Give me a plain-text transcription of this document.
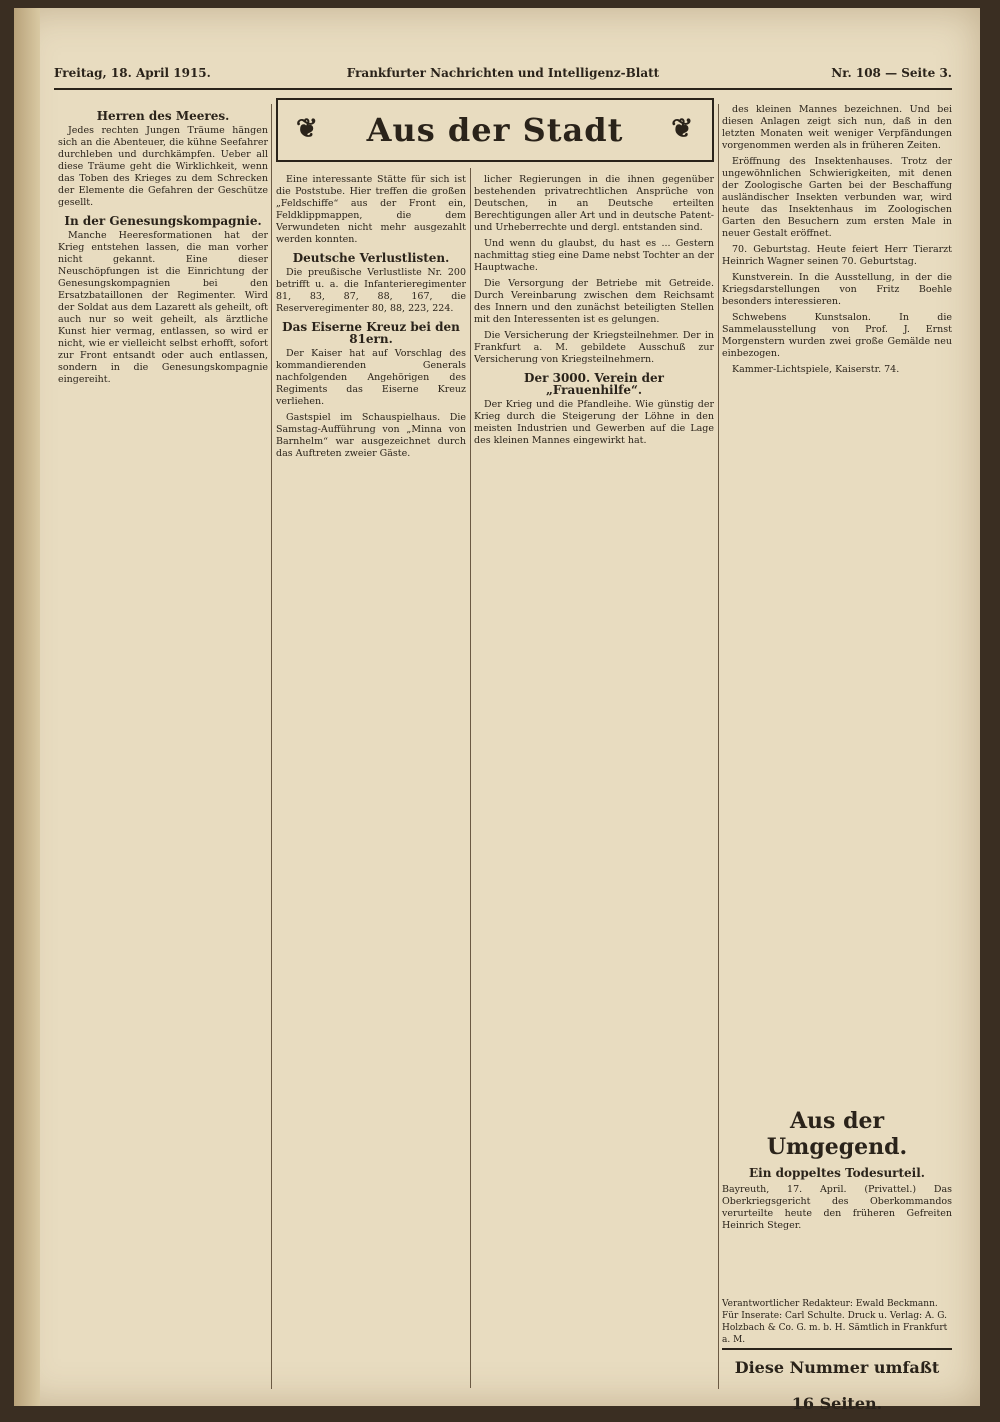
Freitag, 18. April 1915.	Frankfurter Nachrichten und Intelligenz-Blatt	Nr. 108 — Seite 3.
❦ Aus der Stadt ❦
Herren des Meeres.

Jedes rechten Jungen Träume hängen sich an die Abenteuer, die kühne Seefahrer durchleben und durchkämpfen. Ueber all diese Träume geht die Wirklichkeit, wenn das Toben des Krieges zu dem Schrecken der Elemente die Gefahren der Geschütze gesellt.

In der Genesungskompagnie.

Manche Heeresformationen hat der Krieg entstehen lassen, die man vorher nicht gekannt. Eine dieser Neuschöpfungen ist die Einrichtung der Genesungskompagnien bei den Ersatzbataillonen der Regimenter. Wird der Soldat aus dem Lazarett als geheilt, oft auch nur so weit geheilt, als ärztliche Kunst hier vermag, entlassen, so wird er nicht, wie er vielleicht selbst erhofft, sofort zur Front entsandt oder auch entlassen, sondern in die Genesungskompagnie eingereiht.

Eine interessante Stätte für sich ist die Poststube. Hier treffen die großen „Feldschiffe“ aus der Front ein, Feldklippmappen, die dem Verwundeten nicht mehr ausgezahlt werden konnten.

Deutsche Verlustlisten.

Die preußische Verlustliste Nr. 200 betrifft u. a. die Infanterieregimenter 81, 83, 87, 88, 167, die Reserveregimenter 80, 88, 223, 224.

Das Eiserne Kreuz bei den 81ern.

Der Kaiser hat auf Vorschlag des kommandierenden Generals nachfolgenden Angehörigen des Regiments das Eiserne Kreuz verliehen.

Gastspiel im Schauspielhaus. Die Samstag-Aufführung von „Minna von Barnhelm“ war ausgezeichnet durch das Auftreten zweier Gäste.

licher Regierungen in die ihnen gegenüber bestehenden privatrechtlichen Ansprüche von Deutschen, in an Deutsche erteilten Berechtigungen aller Art und in deutsche Patent- und Urheberrechte und dergl. entstanden sind.

Und wenn du glaubst, du hast es ... Gestern nachmittag stieg eine Dame nebst Tochter an der Hauptwache.

Die Versorgung der Betriebe mit Getreide. Durch Vereinbarung zwischen dem Reichsamt des Innern und den zunächst beteiligten Stellen mit den Interessenten ist es gelungen.

Die Versicherung der Kriegsteilnehmer. Der in Frankfurt a. M. gebildete Ausschuß zur Versicherung von Kriegsteilnehmern.

Der 3000. Verein der „Frauenhilfe“.

Der Krieg und die Pfandleihe. Wie günstig der Krieg durch die Steigerung der Löhne in den meisten Industrien und Gewerben auf die Lage des kleinen Mannes eingewirkt hat.

des kleinen Mannes bezeichnen. Und bei diesen Anlagen zeigt sich nun, daß in den letzten Monaten weit weniger Verpfändungen vorgenommen werden als in früheren Zeiten.

Eröffnung des Insektenhauses. Trotz der ungewöhnlichen Schwierigkeiten, mit denen der Zoologische Garten bei der Beschaffung ausländischer Insekten verbunden war, wird heute das Insektenhaus im Zoologischen Garten den Besuchern zum ersten Male in neuer Gestalt eröffnet.

70. Geburtstag. Heute feiert Herr Tierarzt Heinrich Wagner seinen 70. Geburtstag.

Kunstverein. In die Ausstellung, in der die Kriegsdarstellungen von Fritz Boehle besonders interessieren.

Schwebens Kunstsalon. In die Sammelausstellung von Prof. J. Ernst Morgenstern wurden zwei große Gemälde neu einbezogen.

Kammer-Lichtspiele, Kaiserstr. 74.

Aus der Umgegend.
Ein doppeltes Todesurteil.
Bayreuth, 17. April. (Privattel.) Das Oberkriegsgericht des Oberkommandos verurteilte heute den früheren Gefreiten Heinrich Steger.
Verantwortlicher Redakteur: Ewald Beckmann. Für Inserate: Carl Schulte. Druck u. Verlag: A. G. Holzbach & Co. G. m. b. H. Sämtlich in Frankfurt a. M.
Diese Nummer umfaßt 16 Seiten.
